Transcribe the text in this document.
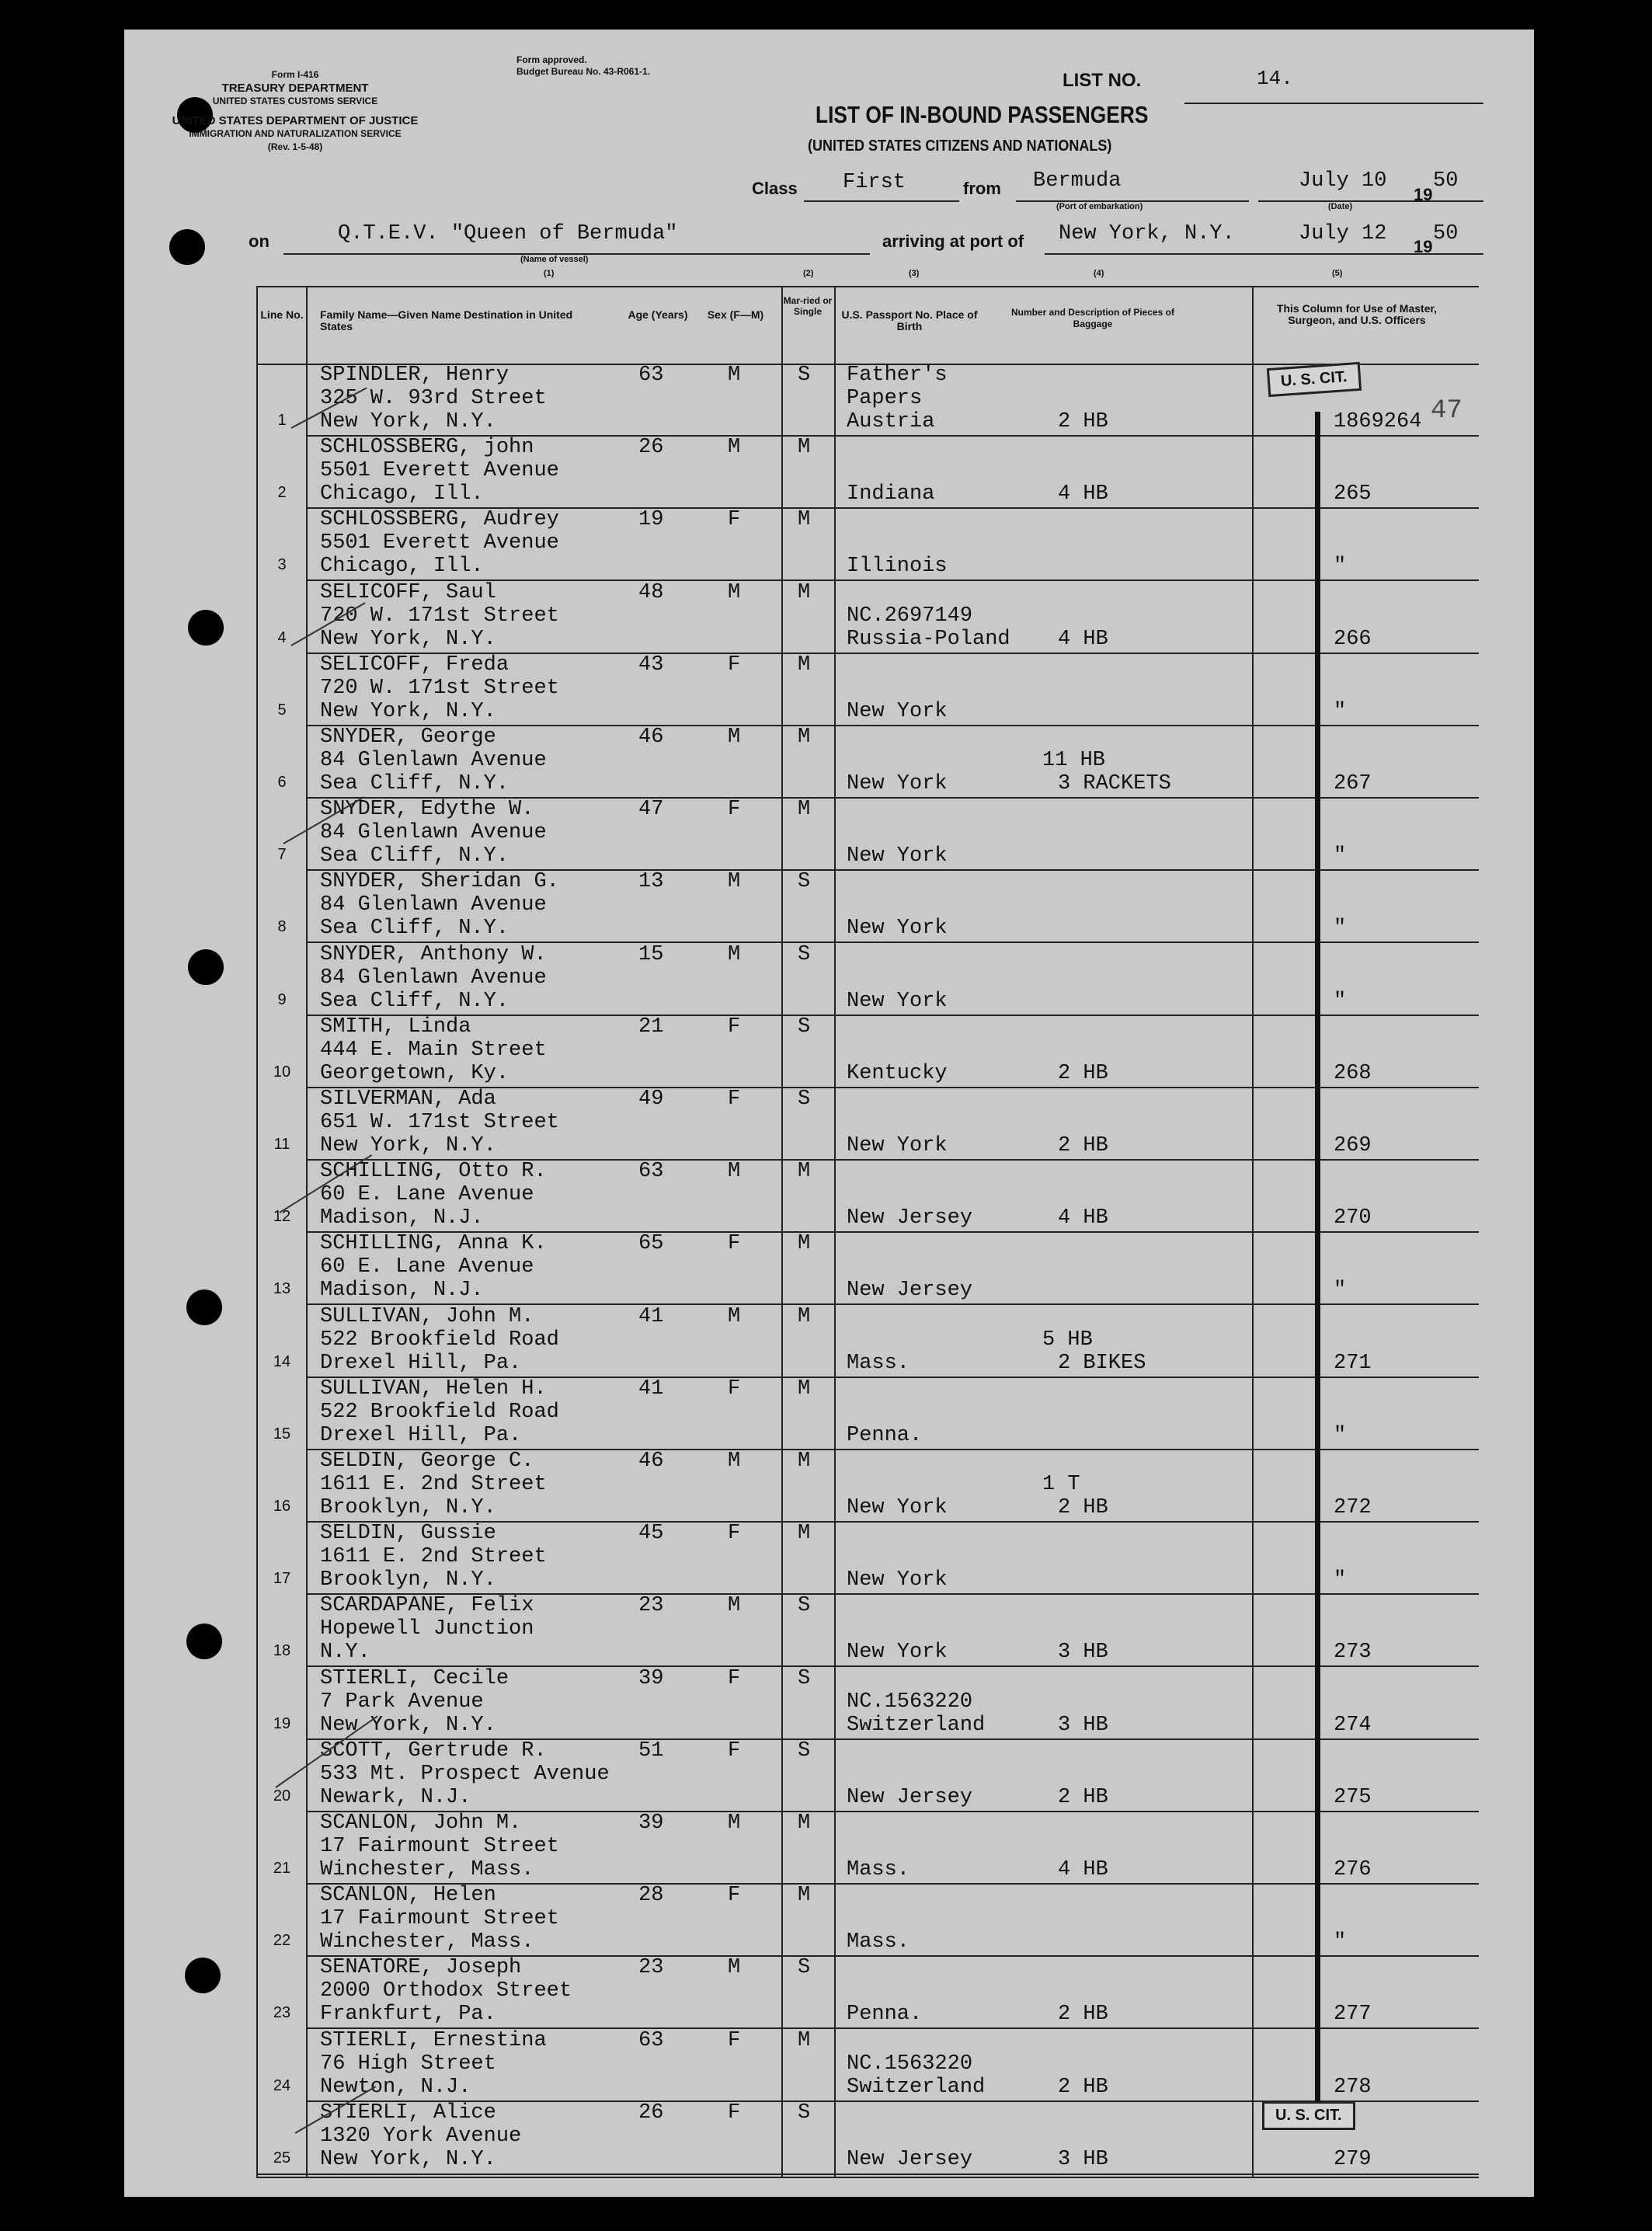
Form I-416
TREASURY DEPARTMENT
UNITED STATES CUSTOMS SERVICE
UNITED STATES DEPARTMENT OF JUSTICE
IMMIGRATION AND NATURALIZATION SERVICE
(Rev. 1-5-48)
Form approved.
Budget Bureau No. 43-R061-1.	LIST NO.	14.
LIST OF IN-BOUND PASSENGERS
(UNITED STATES CITIZENS AND NATIONALS)
Class First	from Bermuda
(Port of embarkation)
July 10
19
50
(Date)
on	Q.T.E.V. "Queen of Bermuda"
(Name of vessel)
arriving at port of New York, N.Y.	July 12
19
50
(1)	(2)	(3)	(4)	(5)
Line No. Family Name—Given Name Destination in United States
Age (Years)	Sex (F—M)
Mar-ried or Single	U.S. Passport No. Place of Birth
Number and Description of Pieces of Baggage
This Column for Use of Master, Surgeon, and U.S. Officers
1
SPINDLER, Henry
325 W. 93rd Street
New York, N.Y.
63	M	S Father's
Papers
Austria	2 HB	1869264
2
SCHLOSSBERG, john
5501 Everett Avenue
Chicago, Ill.
26	M	M
Indiana	4 HB	265
3
SCHLOSSBERG, Audrey
5501 Everett Avenue
Chicago, Ill.
19	F	M
Illinois	"
4
SELICOFF, Saul
720 W. 171st Street
New York, N.Y.
48	M	M
NC.2697149
Russia-Poland 4 HB	266
5
SELICOFF, Freda
720 W. 171st Street
New York, N.Y.
43	F	M
New York	"
6
SNYDER, George
84 Glenlawn Avenue
Sea Cliff, N.Y.
46	M	M
New York
11 HB
3 RACKETS	267
7
SNYDER, Edythe W.
84 Glenlawn Avenue
Sea Cliff, N.Y.
47	F	M
New York	"
8
SNYDER, Sheridan G.
84 Glenlawn Avenue
Sea Cliff, N.Y.
13	M	S
New York	"
9
SNYDER, Anthony W.
84 Glenlawn Avenue
Sea Cliff, N.Y.
15	M	S
New York	"
10
SMITH, Linda
444 E. Main Street
Georgetown, Ky.
21	F	S
Kentucky	2 HB	268
11
SILVERMAN, Ada
651 W. 171st Street
New York, N.Y.
49	F	S
New York	2 HB	269
12
SCHILLING, Otto R.
60 E. Lane Avenue
Madison, N.J.
63	M	M
New Jersey	4 HB	270
13
SCHILLING, Anna K.
60 E. Lane Avenue
Madison, N.J.
65	F	M
New Jersey	"
14
SULLIVAN, John M.
522 Brookfield Road
Drexel Hill, Pa.
41	M	M
Mass.
5 HB
2 BIKES	271
15
SULLIVAN, Helen H.
522 Brookfield Road
Drexel Hill, Pa.
41	F	M
Penna.	"
16
SELDIN, George C.
1611 E. 2nd Street
Brooklyn, N.Y.
46	M	M
New York
1 T
2 HB	272
17
SELDIN, Gussie
1611 E. 2nd Street
Brooklyn, N.Y.
45	F	M
New York	"
18
SCARDAPANE, Felix
Hopewell Junction
N.Y.
23	M	S
New York	3 HB	273
19
STIERLI, Cecile
7 Park Avenue
New York, N.Y.
39	F	S
NC.1563220
Switzerland	3 HB	274
20
SCOTT, Gertrude R.
533 Mt. Prospect Avenue
Newark, N.J.
51	F	S
New Jersey	2 HB	275
21
SCANLON, John M.
17 Fairmount Street
Winchester, Mass.
39	M	M
Mass.	4 HB	276
22
SCANLON, Helen
17 Fairmount Street
Winchester, Mass.
28	F	M
Mass.	"
23
SENATORE, Joseph
2000 Orthodox Street
Frankfurt, Pa.
23	M	S
Penna.	2 HB	277
24
STIERLI, Ernestina
76 High Street
Newton, N.J.
63	F	M
NC.1563220
Switzerland	2 HB	278
25
STIERLI, Alice
1320 York Avenue
New York, N.Y.
26	F	S
New Jersey	3 HB	279
U. S. CIT.
U. S. CIT.
47
